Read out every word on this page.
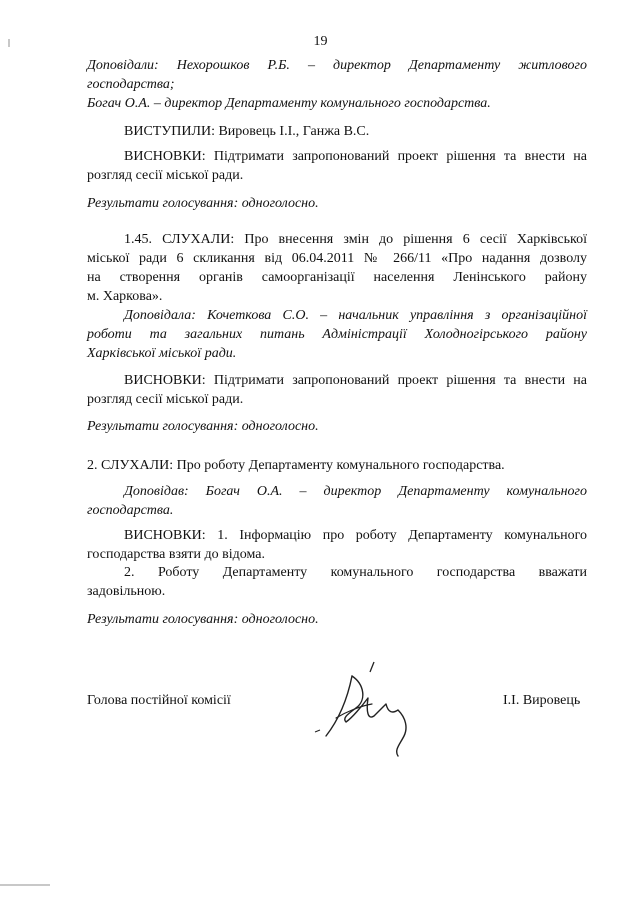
19

Доповідали: Нехорошков Р.Б. – директор Департаменту житлового

господарства;

Богач О.А. – директор Департаменту комунального господарства.

ВИСТУПИЛИ: Вировець І.І., Ганжа В.С.

ВИСНОВКИ: Підтримати запропонований проект рішення та внести на

розгляд сесії міської ради.

Результати голосування: одноголосно.

1.45. СЛУХАЛИ: Про внесення змін до рішення 6 сесії Харківської

міської ради 6 скликання від 06.04.2011 № 266/11 «Про надання дозволу

на створення органів самоорганізації населення Ленінського району

м. Харкова».

Доповідала: Кочеткова С.О. – начальник управління з організаційної

роботи та загальних питань Адміністрації Холодногірського району

Харківської міської ради.

ВИСНОВКИ: Підтримати запропонований проект рішення та внести на

розгляд сесії міської ради.

Результати голосування: одноголосно.

2. СЛУХАЛИ: Про роботу Департаменту комунального господарства.

Доповідав: Богач О.А. – директор Департаменту комунального

господарства.

ВИСНОВКИ: 1. Інформацію про роботу Департаменту комунального

господарства взяти до відома.

2. Роботу Департаменту комунального господарства вважати

задовільною.

Результати голосування: одноголосно.

Голова постійної комісії	І.І. Вировець
